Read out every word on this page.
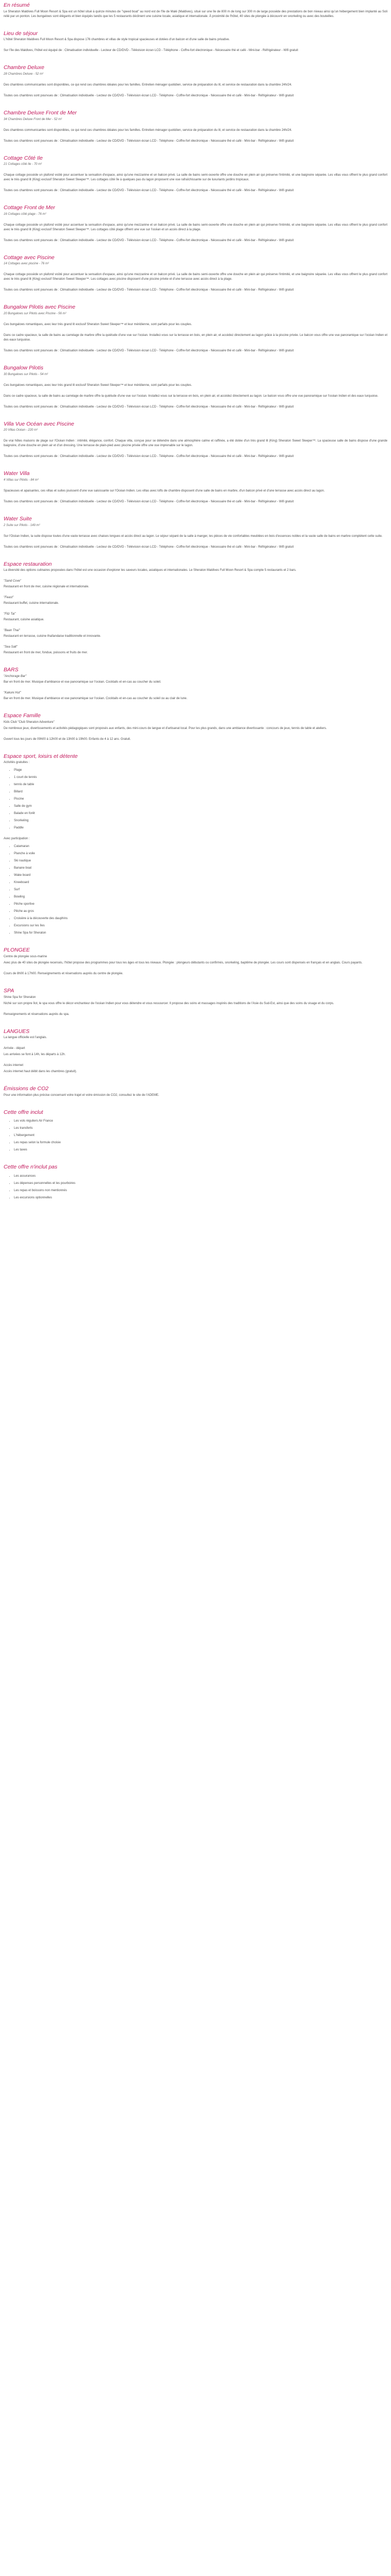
En résumé

Le Sheraton Maldives Full Moon Resort & Spa est un hôtel situé à quinze minutes de "speed boat" au nord est de l'île de Malé (Maldives), situé sur une île de 800 m de long sur 300 m de large possède des prestations de bon niveau ainsi qu'un hébergement bien implanté au Soli relié par un ponton. Les bungalows sont élégants et bien équipés tandis que les 5 restaurants déclinent une cuisine locale, asiatique et internationale. À proximité de l'hôtel, 40 sites de plongée à découvrir en snorkeling ou avec des bouteilles.

Lieu de séjour

L'hôtel Sheraton Maldives Full Moon Resort & Spa dispose 176 chambres et villas de style tropical spacieuses et dotées d'un balcon et d'une salle de bains privative.

Sur l'île des Maldives, l'hôtel est équipé de : Climatisation individuelle - Lecteur de CD/DVD - Télévision écran LCD - Téléphone - Coffre-fort électronique - Nécessaire thé et café - Mini-bar - Réfrigérateur - Wifi gratuit

Chambre Deluxe
28 Chambres Deluxe - 52 m²

Des chambres communicantes sont disponibles, ce qui rend ces chambres idéales pour les familles. Entretien ménager quotidien, service de préparation du lit, et service de restauration dans la chambre 24h/24.

Toutes ces chambres sont pourvues de : Climatisation individuelle - Lecteur de CD/DVD - Télévision écran LCD - Téléphone - Coffre-fort électronique - Nécessaire thé et café - Mini-bar - Réfrigérateur - Wifi gratuit

Chambre Deluxe Front de Mer
34 Chambres Deluxe Front de Mer - 52 m²

Des chambres communicantes sont disponibles, ce qui rend ces chambres idéales pour les familles. Entretien ménager quotidien, service de préparation du lit, et service de restauration dans la chambre 24h/24.

Toutes ces chambres sont pourvues de : Climatisation individuelle - Lecteur de CD/DVD - Télévision écran LCD - Téléphone - Coffre-fort électronique - Nécessaire thé et café - Mini-bar - Réfrigérateur - Wifi gratuit

Cottage Côté Ile
21 Cottages côté Ile - 70 m²

Chaque cottage possède un plafond voûté pour accentuer la sensation d'espace, ainsi qu'une mezzanine et un balcon privé. La salle de bains semi-ouverte offre une douche en plein air qui préserve l'intimité, et une baignoire séparée. Les villas vous offrent le plus grand confort avec le très grand lit (King) exclusif Sheraton Sweet Sleeper™. Les cottages côté île à quelques pas du lagon proposent une vue rafraîchissante sur de luxuriants jardins tropicaux.

Toutes ces chambres sont pourvues de : Climatisation individuelle - Lecteur de CD/DVD - Télévision écran LCD - Téléphone - Coffre-fort électronique - Nécessaire thé et café - Mini-bar - Réfrigérateur - Wifi gratuit

Cottage Front de Mer
16 Cottages côté plage - 76 m²

Chaque cottage possède un plafond voûté pour accentuer la sensation d'espace, ainsi qu'une mezzanine et un balcon privé. La salle de bains semi-ouverte offre une douche en plein air qui préserve l'intimité, et une baignoire séparée. Les villas vous offrent le plus grand confort avec le très grand lit (King) exclusif Sheraton Sweet Sleeper™. Les cottages côté plage offrent une vue sur l'océan et un accès direct à la plage.

Toutes ces chambres sont pourvues de : Climatisation individuelle - Lecteur de CD/DVD - Télévision écran LCD - Téléphone - Coffre-fort électronique - Nécessaire thé et café - Mini-bar - Réfrigérateur - Wifi gratuit

Cottage avec Piscine
14 Cottages avec piscine - 76 m²

Chaque cottage possède un plafond voûté pour accentuer la sensation d'espace, ainsi qu'une mezzanine et un balcon privé. La salle de bains semi-ouverte offre une douche en plein air qui préserve l'intimité, et une baignoire séparée. Les villas vous offrent le plus grand confort avec le très grand lit (King) exclusif Sheraton Sweet Sleeper™. Les cottages avec piscine disposent d'une piscine privée et d'une terrasse avec accès direct à la plage.

Toutes ces chambres sont pourvues de : Climatisation individuelle - Lecteur de CD/DVD - Télévision écran LCD - Téléphone - Coffre-fort électronique - Nécessaire thé et café - Mini-bar - Réfrigérateur - Wifi gratuit

Bungalow Pilotis avec Piscine
20 Bungalows sur Pilotis avec Piscine - 56 m²

Ces bungalows romantiques, avec leur très grand lit exclusif Sheraton Sweet Sleeper™ et leur méridienne, sont parfaits pour les couples.

Dans ce cadre spacieux, la salle de bains au carrelage de marbre offre la quiétude d'une vue sur l'océan. Installez-vous sur la terrasse en bois, en plein air, et accédez directement au lagon grâce à la piscine privée. Le balcon vous offre une vue panoramique sur l'océan Indien et des eaux turquoise.

Toutes ces chambres sont pourvues de : Climatisation individuelle - Lecteur de CD/DVD - Télévision écran LCD - Téléphone - Coffre-fort électronique - Nécessaire thé et café - Mini-bar - Réfrigérateur - Wifi gratuit

Bungalow Pilotis
30 Bungalows sur Pilotis - 54 m²

Ces bungalows romantiques, avec leur très grand lit exclusif Sheraton Sweet Sleeper™ et leur méridienne, sont parfaits pour les couples.

Dans ce cadre spacieux, la salle de bains au carrelage de marbre offre la quiétude d'une vue sur l'océan. Installez-vous sur la terrasse en bois, en plein air, et accédez directement au lagon. Le balcon vous offre une vue panoramique sur l'océan Indien et des eaux turquoise.

Toutes ces chambres sont pourvues de : Climatisation individuelle - Lecteur de CD/DVD - Télévision écran LCD - Téléphone - Coffre-fort électronique - Nécessaire thé et café - Mini-bar - Réfrigérateur - Wifi gratuit

Villa Vue Océan avec Piscine
20 Villas Océan - 220 m²

De vrai hôtes maisons de plage sur l'Océan Indien : intimité, élégance, confort. Chaque villa, conçue pour se détendre dans une atmosphère calme et raffinée, a été dotée d'un très grand lit (King) Sheraton Sweet Sleeper™. La spacieuse salle de bains dispose d'une grande baignoire, d'une douche en plein air et d'un dressing. Une terrasse de plain-pied avec piscine privée offre une vue imprenable sur le lagon.

Toutes ces chambres sont pourvues de : Climatisation individuelle - Lecteur de CD/DVD - Télévision écran LCD - Téléphone - Coffre-fort électronique - Nécessaire thé et café - Mini-bar - Réfrigérateur - Wifi gratuit

Water Villa
4 Villas sur Pilotis - 84 m²

Spacieuses et apaisantes, ces villas et suites jouissent d'une vue saisissante sur l'Océan Indien. Les villas avec lofts de chambre disposent d'une salle de bains en marbre, d'un balcon privé et d'une terrasse avec accès direct au lagon.

Toutes ces chambres sont pourvues de : Climatisation individuelle - Lecteur de CD/DVD - Télévision écran LCD - Téléphone - Coffre-fort électronique - Nécessaire thé et café - Mini-bar - Réfrigérateur - Wifi gratuit

Water Suite
2 Suite sur Pilotis - 149 m²

Sur l'Océan Indien, la suite dispose toutes d'une vaste terrasse avec chaises longues et accès direct au lagon. Le séjour séparé de la salle à manger, les pièces de vie confortables meublées en bois d'essences nobles et la vaste salle de bains en marbre complètent cette suite.

Toutes ces chambres sont pourvues de : Climatisation individuelle - Lecteur de CD/DVD - Télévision écran LCD - Téléphone - Coffre-fort électronique - Nécessaire thé et café - Mini-bar - Réfrigérateur - Wifi gratuit

Espace restauration

La diversité des options culinaires proposées dans l'hôtel est une occasion d'explorer les saveurs locales, asiatiques et internationales. Le Sheraton Maldives Full Moon Resort & Spa compte 5 restaurants et 2 bars.

"Sand Cove"

Restaurant en front de mer, cuisine régionale et internationale.

"Feast"

Restaurant buffet, cuisine internationale.

"Fitz Tai"

Restaurant, cuisine asiatique.

"Baan Thai"

Restaurant en terrasse, cuisine thaïlandaise traditionnelle et innovante.

"Sea Salt"

Restaurant en front de mer, fondue, poissons et fruits de mer.

BARS

"Anchorage Bar"

Bar en front de mer. Musique d'ambiance et vue panoramique sur l'océan. Cocktails et en-cas au coucher du soleil.

"Kakuni Hut"

Bar en front de mer. Musique d'ambiance et vue panoramique sur l'océan. Cocktails et en-cas au coucher du soleil ou au clair de lune.

Espace Famille

Kids Club "Club Sheraton Adventure"

De nombreux jeux, divertissements et activités pédagogiques sont proposés aux enfants, des mini-cours de langue et d'artisanat local. Pour les plus grands, dans une ambiance divertissante : concours de jeux, tennis de table et ateliers.

Ouvert tous les jours de 09h00 à 12h00 et de 13h00 à 19h00. Enfants de 4 à 12 ans. Gratuit.

Espace sport, loisirs et détente

Activités gratuites :

• Plage
• 1 court de tennis
• tennis de table
• Billard
• Piscine
• Salle de gym
• Balade en forêt
• Snorkeling
• Paddle

Avec participation :

• Catamaran
• Planche à voile
• Ski nautique
• Banane boat
• Wake board
• Kneeboard
• Surf
• Bowling
• Pêche sportive
• Pêche au gros
• Croisière à la découverte des dauphins
• Excursions sur les îles
• Shine Spa for Sheraton
PLONGEE

Centre de plongée sous-marine

Avec plus de 40 sites de plongée recensés, l'hôtel propose des programmes pour tous les âges et tous les niveaux. Plongée : plongeurs débutants ou confirmés, snorkeling, baptême de plongée. Les cours sont dispensés en français et en anglais. Cours payants.

Cours de 8h00 à 17h00. Renseignements et réservations auprès du centre de plongée.

SPA

Shine Spa for Sheraton

Niché sur son propre îlot, le spa vous offre le décor enchanteur de l'océan Indien pour vous détendre et vous ressourcer. Il propose des soins et massages inspirés des traditions de l'Asie du Sud-Est, ainsi que des soins du visage et du corps.

Renseignements et réservations auprès du spa.

LANGUES

La langue officielle est l'anglais.

Arrivée - départ

Les arrivées se font à 14h, les départs à 12h.

Accès internet

Accès internet haut débit dans les chambres (gratuit).

Émissions de CO2

Pour une information plus précise concernant votre trajet et votre émission de CO2, consultez le site de l'ADEME.

Cette offre inclut
• Les vols réguliers Air France
• Les transferts
• L'hébergement
• Les repas selon la formule choisie
• Les taxes
Cette offre n'inclut pas
• Les assurances
• Les dépenses personnelles et les pourboires
• Les repas et boissons non mentionnés
• Les excursions optionnelles
